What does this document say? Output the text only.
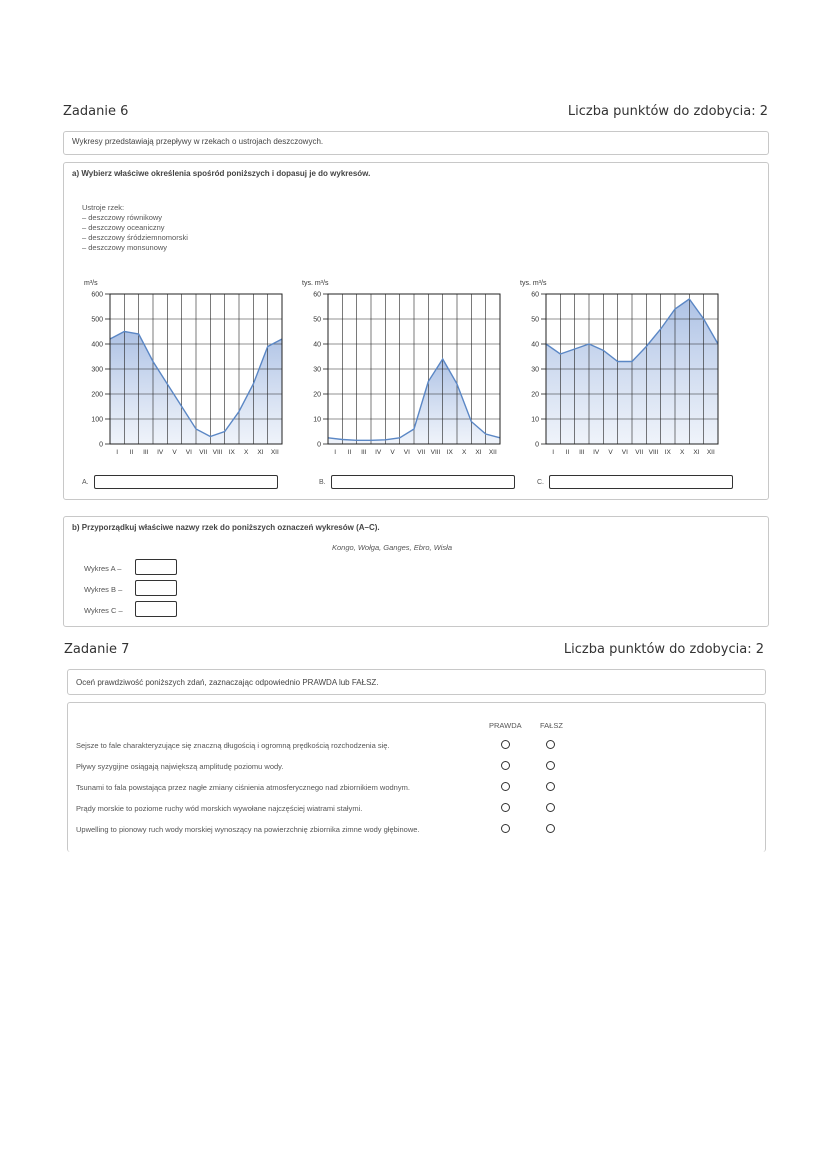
Zadanie 6	Liczba punktów do zdobycia: 2
Wykresy przedstawiają przepływy w rzekach o ustrojach deszczowych.
a) Wybierz właściwe określenia spośród poniższych i dopasuj je do wykresów.
Ustroje rzek:
– deszczowy równikowy
– deszczowy oceaniczny
– deszczowy śródziemnomorski
– deszczowy monsunowy
m³/s
0
100
200
300
400
500
600
I II III IV V VI VII VIII IX X XI XII
tys. m³/s
0
10
20
30
40
50
60
I II III IV V VI VII VIII IX X XI XII
tys. m³/s
0
10
20
30
40
50
60
I II III IV V VI VII VIII IX X XI XII
A.	B.	C.
b) Przyporządkuj właściwe nazwy rzek do poniższych oznaczeń wykresów (A–C).
Kongo, Wołga, Ganges, Ebro, Wisła
Wykres A –
Wykres B –
Wykres C –
Zadanie 7	Liczba punktów do zdobycia: 2
Oceń prawdziwość poniższych zdań, zaznaczając odpowiednio PRAWDA lub FAŁSZ.
PRAWDA FAŁSZ
Sejsze to fale charakteryzujące się znaczną długością i ogromną prędkością rozchodzenia się.
Pływy syzygijne osiągają największą amplitudę poziomu wody.
Tsunami to fala powstająca przez nagłe zmiany ciśnienia atmosferycznego nad zbiornikiem wodnym.
Prądy morskie to poziome ruchy wód morskich wywołane najczęściej wiatrami stałymi.
Upwelling to pionowy ruch wody morskiej wynoszący na powierzchnię zbiornika zimne wody głębinowe.
